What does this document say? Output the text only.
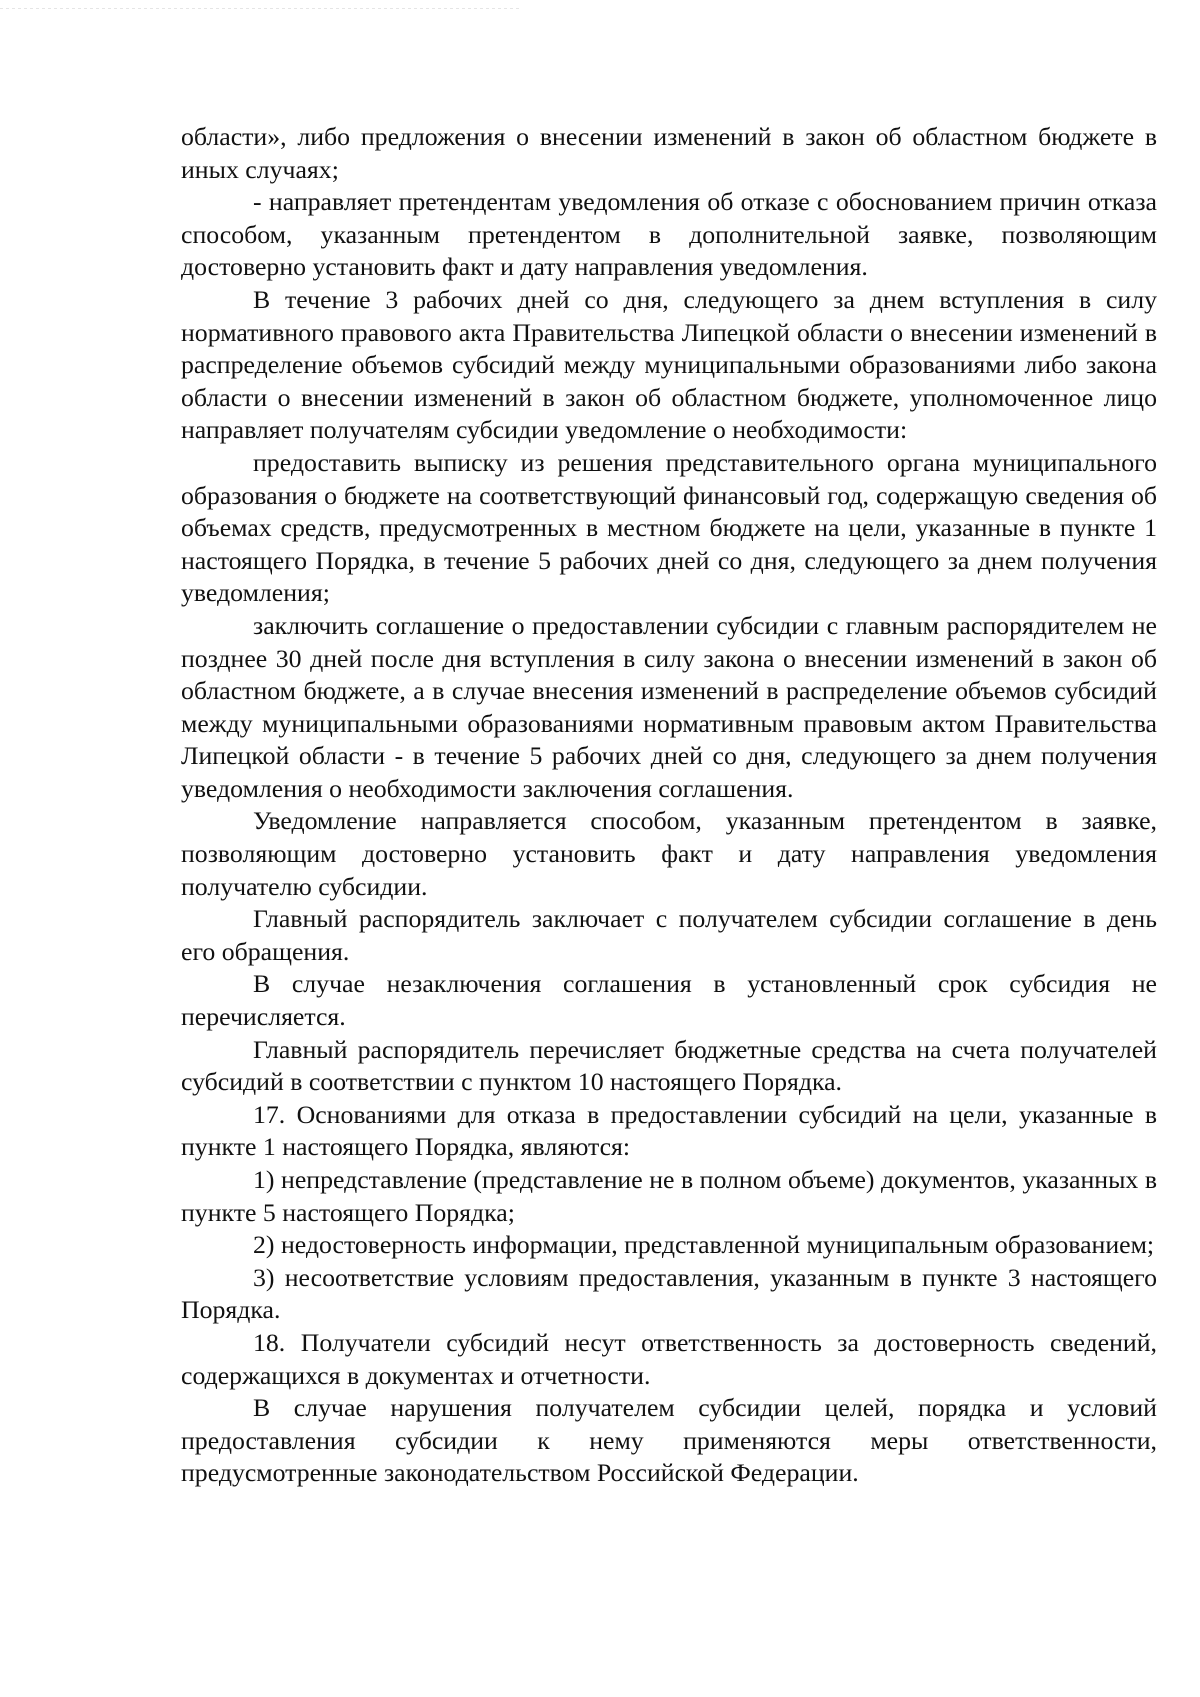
области», либо предложения о внесении изменений в закон об областном бюджете в иных случаях;

- направляет претендентам уведомления об отказе с обоснованием причин отказа способом, указанным претендентом в дополнительной заявке, позволяющим достоверно установить факт и дату направления уведомления.

В течение 3 рабочих дней со дня, следующего за днем вступления в силу нормативного правового акта Правительства Липецкой области о внесении изменений в распределение объемов субсидий между муниципальными образованиями либо закона области о внесении изменений в закон об областном бюджете, уполномоченное лицо направляет получателям субсидии уведомление о необходимости:

предоставить выписку из решения представительного органа муниципального образования о бюджете на соответствующий финансовый год, содержащую сведения об объемах средств, предусмотренных в местном бюджете на цели, указанные в пункте 1 настоящего Порядка, в течение 5 рабочих дней со дня, следующего за днем получения уведомления;

заключить соглашение о предоставлении субсидии с главным распорядителем не позднее 30 дней после дня вступления в силу закона о внесении изменений в закон об областном бюджете, а в случае внесения изменений в распределение объемов субсидий между муниципальными образованиями нормативным правовым актом Правительства Липецкой области - в течение 5 рабочих дней со дня, следующего за днем получения уведомления о необходимости заключения соглашения.

Уведомление направляется способом, указанным претендентом в заявке, позволяющим достоверно установить факт и дату направления уведомления получателю субсидии.

Главный распорядитель заключает с получателем субсидии соглашение в день его обращения.

В случае незаключения соглашения в установленный срок субсидия не перечисляется.

Главный распорядитель перечисляет бюджетные средства на счета получателей субсидий в соответствии с пунктом 10 настоящего Порядка.

17. Основаниями для отказа в предоставлении субсидий на цели, указанные в пункте 1 настоящего Порядка, являются:

1) непредставление (представление не в полном объеме) документов, указанных в пункте 5 настоящего Порядка;

2) недостоверность информации, представленной муниципальным образованием;

3) несоответствие условиям предоставления, указанным в пункте 3 настоящего Порядка.

18. Получатели субсидий несут ответственность за достоверность сведений, содержащихся в документах и отчетности.

В случае нарушения получателем субсидии целей, порядка и условий предоставления субсидии к нему применяются меры ответственности, предусмотренные законодательством Российской Федерации.
